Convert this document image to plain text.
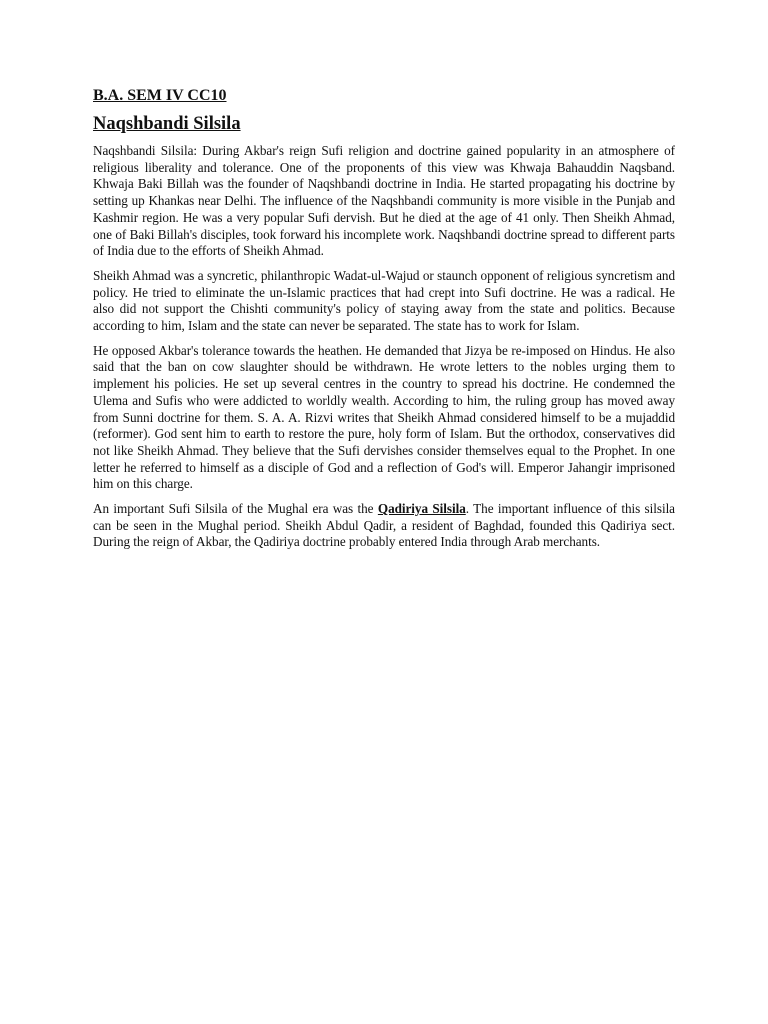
B.A. SEM IV CC10
Naqshbandi Silsila

Naqshbandi Silsila: During Akbar's reign Sufi religion and doctrine gained popularity in an atmosphere of religious liberality and tolerance. One of the proponents of this view was Khwaja Bahauddin Naqsband. Khwaja Baki Billah was the founder of Naqshbandi doctrine in India. He started propagating his doctrine by setting up Khankas near Delhi. The influence of the Naqshbandi community is more visible in the Punjab and Kashmir region. He was a very popular Sufi dervish. But he died at the age of 41 only. Then Sheikh Ahmad, one of Baki Billah's disciples, took forward his incomplete work. Naqshbandi doctrine spread to different parts of India due to the efforts of Sheikh Ahmad.

Sheikh Ahmad was a syncretic, philanthropic Wadat-ul-Wajud or staunch opponent of religious syncretism and policy. He tried to eliminate the un-Islamic practices that had crept into Sufi doctrine. He was a radical. He also did not support the Chishti community's policy of staying away from the state and politics. Because according to him, Islam and the state can never be separated. The state has to work for Islam.

He opposed Akbar's tolerance towards the heathen. He demanded that Jizya be re-imposed on Hindus. He also said that the ban on cow slaughter should be withdrawn. He wrote letters to the nobles urging them to implement his policies. He set up several centres in the country to spread his doctrine. He condemned the Ulema and Sufis who were addicted to worldly wealth. According to him, the ruling group has moved away from Sunni doctrine for them. S. A. A. Rizvi writes that Sheikh Ahmad considered himself to be a mujaddid (reformer). God sent him to earth to restore the pure, holy form of Islam. But the orthodox, conservatives did not like Sheikh Ahmad. They believe that the Sufi dervishes consider themselves equal to the Prophet. In one letter he referred to himself as a disciple of God and a reflection of God's will. Emperor Jahangir imprisoned him on this charge.

An important Sufi Silsila of the Mughal era was the Qadiriya Silsila. The important influence of this silsila can be seen in the Mughal period. Sheikh Abdul Qadir, a resident of Baghdad, founded this Qadiriya sect. During the reign of Akbar, the Qadiriya doctrine probably entered India through Arab merchants.
